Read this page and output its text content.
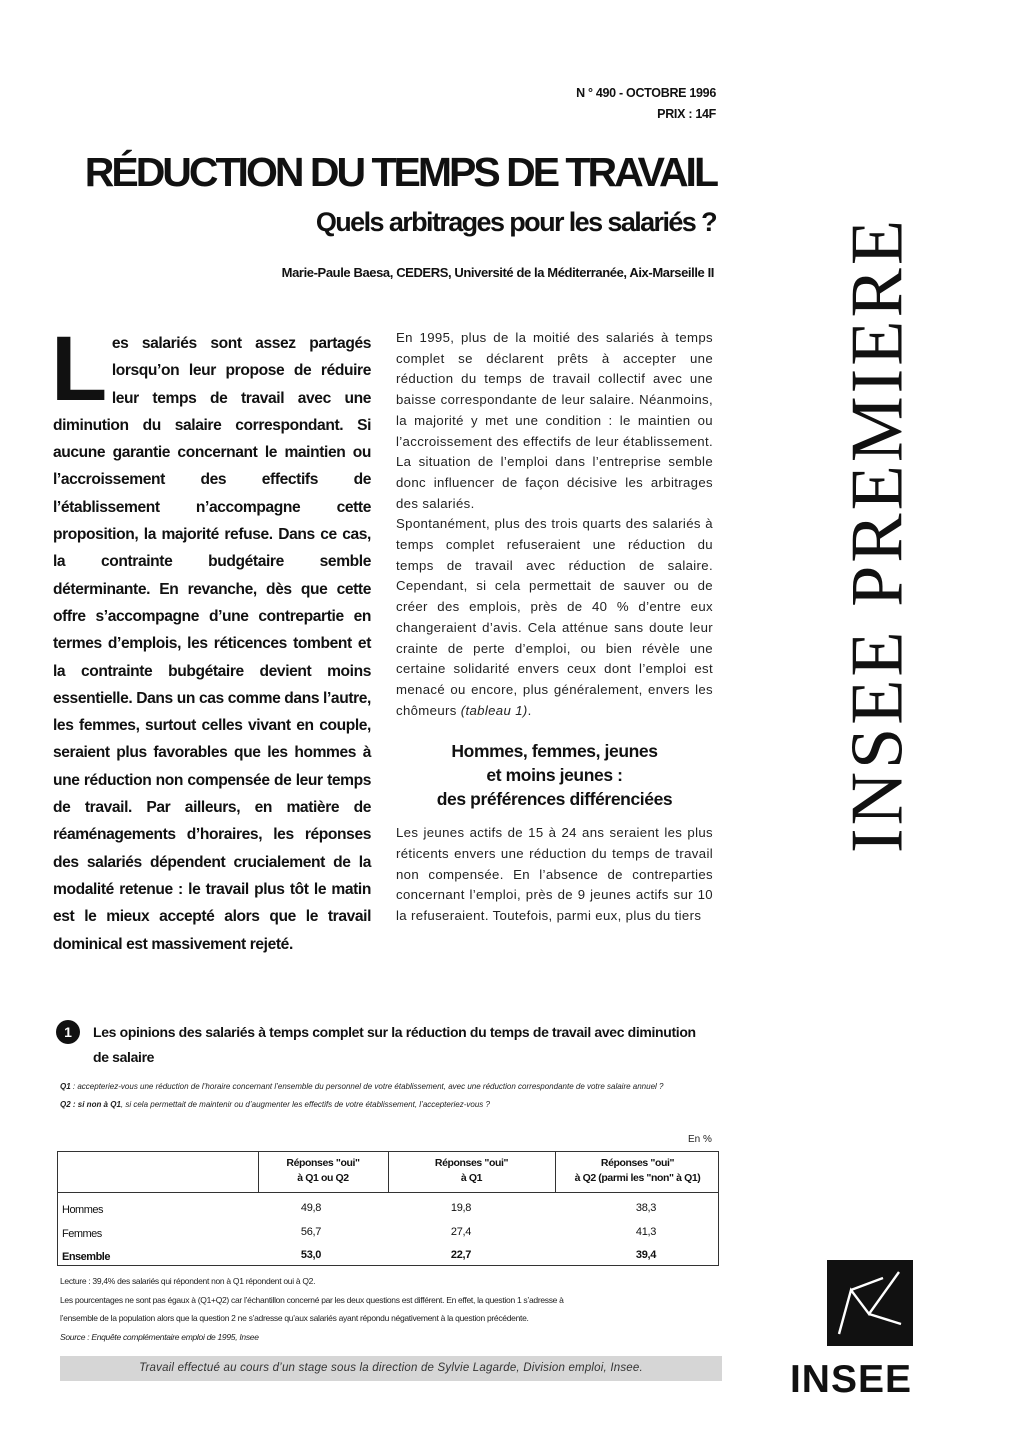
N ° 490 - OCTOBRE 1996
PRIX : 14F
RÉDUCTION DU TEMPS DE TRAVAIL
Quels arbitrages pour les salariés ?
Marie-Paule Baesa, CEDERS, Université de la Méditerranée, Aix-Marseille II
Les salariés sont assez partagés lorsqu’on leur propose de réduire leur temps de travail avec une diminution du salaire correspondant. Si aucune garantie concernant le maintien ou l’accroissement des effectifs de l’établissement n’accompagne cette proposition, la majorité refuse. Dans ce cas, la contrainte budgétaire semble déterminante. En revanche, dès que cette offre s’accompagne d’une contrepartie en termes d’emplois, les réticences tombent et la contrainte bubgétaire devient moins essentielle. Dans un cas comme dans l’autre, les femmes, surtout celles vivant en couple, seraient plus favorables que les hommes à une réduction non compensée de leur temps de travail. Par ailleurs, en matière de réaménagements d’horaires, les réponses des salariés dépendent crucialement de la modalité retenue : le travail plus tôt le matin est le mieux accepté alors que le travail dominical est massivement rejeté.

En 1995, plus de la moitié des salariés à temps complet se déclarent prêts à accepter une réduction du temps de travail collectif avec une baisse correspondante de leur salaire. Néanmoins, la majorité y met une condition : le maintien ou l’accroissement des effectifs de leur établissement. La situation de l’emploi dans l’entreprise semble donc influencer de façon décisive les arbitrages des salariés.

Spontanément, plus des trois quarts des salariés à temps complet refuseraient une réduction du temps de travail avec réduction de salaire. Cependant, si cela permettait de sauver ou de créer des emplois, près de 40 % d’entre eux changeraient d’avis. Cela atténue sans doute leur crainte de perte d’emploi, ou bien révèle une certaine solidarité envers ceux dont l’emploi est menacé ou encore, plus généralement, envers les chômeurs (tableau 1).

Hommes, femmes, jeunes
et moins jeunes :
des préférences différenciées

Les jeunes actifs de 15 à 24 ans seraient les plus réticents envers une réduction du temps de travail non compensée. En l’absence de contreparties concernant l’emploi, près de 9 jeunes actifs sur 10 la refuseraient. Toutefois, parmi eux, plus du tiers

INSEE PREMIERE
1	Les opinions des salariés à temps complet sur la réduction du temps de travail avec diminution de salaire
Q1 : accepteriez-vous une réduction de l’horaire concernant l’ensemble du personnel de votre établissement, avec une réduction correspondante de votre salaire annuel ?
Q2 : si non à Q1, si cela permettait de maintenir ou d’augmenter les effectifs de votre établissement, l’accepteriez-vous ?
En %
Réponses "oui"
à Q1 ou Q2
Réponses "oui"
à Q1
Réponses "oui"
à Q2 (parmi les "non" à Q1)
Hommes	49,8	19,8	38,3
Femmes	56,7	27,4	41,3
Ensemble	53,0	22,7	39,4
Lecture : 39,4% des salariés qui répondent non à Q1 répondent oui à Q2.
Les pourcentages ne sont pas égaux à (Q1+Q2) car l’échantillon concerné par les deux questions est différent. En effet, la question 1 s’adresse à
l’ensemble de la population alors que la question 2 ne s’adresse qu’aux salariés ayant répondu négativement à la question précédente.
Source : Enquête complémentaire emploi de 1995, Insee
Travail effectué au cours d’un stage sous la direction de Sylvie Lagarde, Division emploi, Insee.	INSEE
